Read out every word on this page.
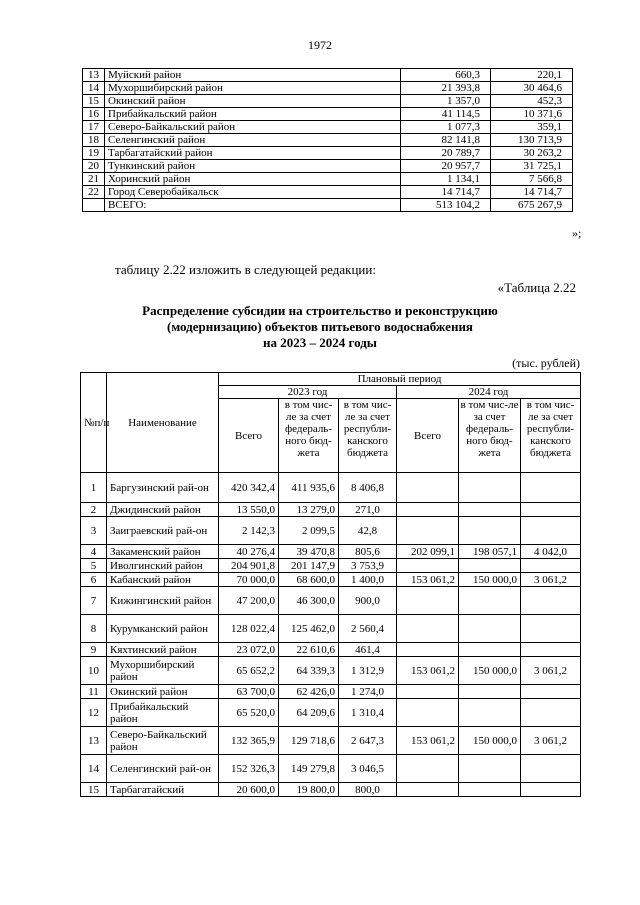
1972
13	Муйский район	660,3	220,1
14	Мухоршибирский район	21 393,8	30 464,6
15	Окинский район	1 357,0	452,3
16	Прибайкальский район	41 114,5	10 371,6
17	Северо-Байкальский район	1 077,3	359,1
18	Селенгинский район	82 141,8	130 713,9
19	Тарбагатайский район	20 789,7	30 263,2
20	Тункинский район	20 957,7	31 725,1
21	Хоринский район	1 134,1	7 566,8
22	Город Северобайкальск	14 714,7	14 714,7
	ВСЕГО:	513 104,2	675 267,9
»;
таблицу 2.22 изложить в следующей редакции:
«Таблица 2.22
Распределение субсидии на строительство и реконструкцию
(модернизацию) объектов питьевого водоснабжения
на 2023 – 2024 годы
(тыс. рублей)
№п/п	Наименование	Плановый период					
		2023 год			2024 год		
		Всего	в том чис-ле за счет федераль-ного бюд-жета	в том чис-ле за счет республи-канского бюджета	Всего	в том чис-ле за счет федераль-ного бюд-жета	в том чис-ле за счет республи-канского бюджета
1	Баргузинский рай-он	420 342,4	411 935,6	8 406,8			
2	Джидинский район	13 550,0	13 279,0	271,0			
3	Заиграевский рай-он	2 142,3	2 099,5	42,8			
4	Закаменский район	40 276,4	39 470,8	805,6	202 099,1	198 057,1	4 042,0
5	Иволгинский район	204 901,8	201 147,9	3 753,9			
6	Кабанский район	70 000,0	68 600,0	1 400,0	153 061,2	150 000,0	3 061,2
7	Кижингинский район	47 200,0	46 300,0	900,0			
8	Курумканский район	128 022,4	125 462,0	2 560,4			
9	Кяхтинский район	23 072,0	22 610,6	461,4			
10	Мухоршибирский район	65 652,2	64 339,3	1 312,9	153 061,2	150 000,0	3 061,2
11	Окинский район	63 700,0	62 426,0	1 274,0			
12	Прибайкальский район	65 520,0	64 209,6	1 310,4			
13	Северо-Байкальский район	132 365,9	129 718,6	2 647,3	153 061,2	150 000,0	3 061,2
14	Селенгинский рай-он	152 326,3	149 279,8	3 046,5			
15	Тарбагатайский	20 600,0	19 800,0	800,0			
